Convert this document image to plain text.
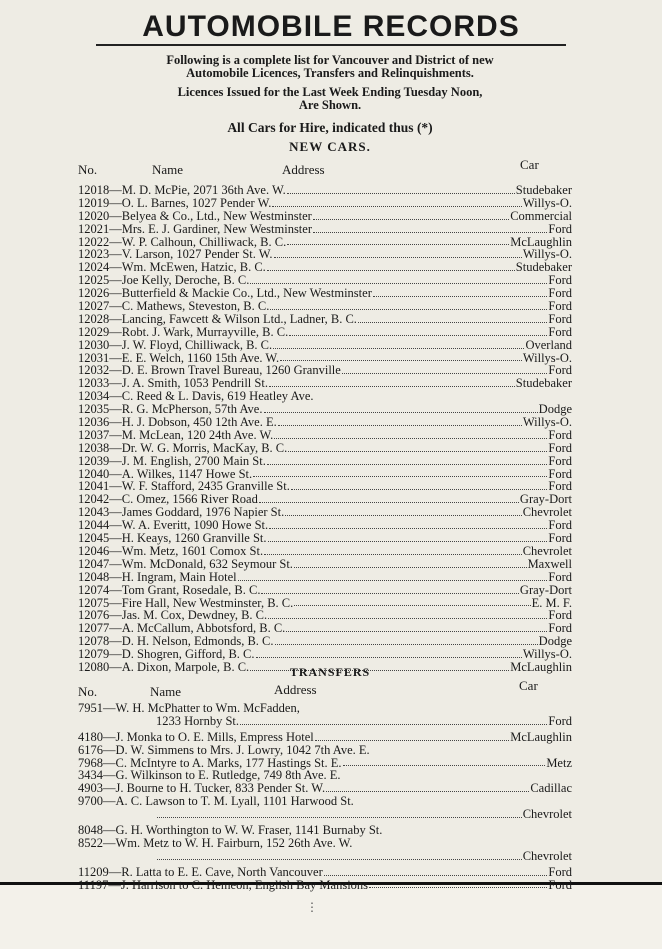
AUTOMOBILE RECORDS
Following is a complete list for Vancouver and District of new
Automobile Licences, Transfers and Relinquishments.
Licences Issued for the Last Week Ending Tuesday Noon,
Are Shown.
All Cars for Hire, indicated thus (*)
NEW CARS.
No.	Name	Address	Car
12018 — M. D. McPie, 2071 36th Ave. W.	Studebaker
12019 — O. L. Barnes, 1027 Pender W.	Willys-O.
12020 — Belyea & Co., Ltd., New Westminster	Commercial
12021 — Mrs. E. J. Gardiner, New Westminster	Ford
12022 — W. P. Calhoun, Chilliwack, B. C.	McLaughlin
12023 — V. Larson, 1027 Pender St. W.	Willys-O.
12024 — Wm. McEwen, Hatzic, B. C.	Studebaker
12025 — Joe Kelly, Deroche, B. C.	Ford
12026 — Butterfield & Mackie Co., Ltd., New Westminster	Ford
12027 — C. Mathews, Steveston, B. C.	Ford
12028 — Lancing, Fawcett & Wilson Ltd., Ladner, B. C.	Ford
12029 — Robt. J. Wark, Murrayville, B. C.	Ford
12030 — J. W. Floyd, Chilliwack, B. C.	Overland
12031 — E. E. Welch, 1160 15th Ave. W.	Willys-O.
12032 — D. E. Brown Travel Bureau, 1260 Granville	Ford
12033 — J. A. Smith, 1053 Pendrill St.	Studebaker
12034 — C. Reed & L. Davis, 619 Heatley Ave.
12035 — R. G. McPherson, 57th Ave.	Dodge
12036 — H. J. Dobson, 450 12th Ave. E.	Willys-O.
12037 — M. McLean, 120 24th Ave. W.	Ford
12038 — Dr. W. G. Morris, MacKay, B. C.	Ford
12039 — J. M. English, 2700 Main St.	Ford
12040 — A. Wilkes, 1147 Howe St.	Ford
12041 — W. F. Stafford, 2435 Granville St.	Ford
12042 — C. Omez, 1566 River Road	Gray-Dort
12043 — James Goddard, 1976 Napier St.	Chevrolet
12044 — W. A. Everitt, 1090 Howe St.	Ford
12045 — H. Keays, 1260 Granville St.	Ford
12046 — Wm. Metz, 1601 Comox St.	Chevrolet
12047 — Wm. McDonald, 632 Seymour St.	Maxwell
12048 — H. Ingram, Main Hotel	Ford
12074 — Tom Grant, Rosedale, B. C.	Gray-Dort
12075 — Fire Hall, New Westminster, B. C.	E. M. F.
12076 — Jas. M. Cox, Dewdney, B. C.	Ford
12077 — A. McCallum, Abbotsford, B. C.	Ford
12078 — D. H. Nelson, Edmonds, B. C.	Dodge
12079 — D. Shogren, Gifford, B. C.	Willys-O.
12080 — A. Dixon, Marpole, B. C.	McLaughlin
TRANSFERS
No.	Name	Address	Car
7951 — W. H. McPhatter to Wm. McFadden,
1233 Hornby St.	Ford
4180 — J. Monka to O. E. Mills, Empress Hotel	McLaughlin
6176 — D. W. Simmens to Mrs. J. Lowry, 1042 7th Ave. E.
7968 — C. McIntyre to A. Marks, 177 Hastings St. E.	Metz
3434 — G. Wilkinson to E. Rutledge, 749 8th Ave. E.
4903 — J. Bourne to H. Tucker, 833 Pender St. W.	Cadillac
9700 — A. C. Lawson to T. M. Lyall, 1101 Harwood St.
Chevrolet
8048 — G. H. Worthington to W. W. Fraser, 1141 Burnaby St.
8522 — Wm. Metz to W. H. Fairburn, 152 26th Ave. W.
Chevrolet
11209 — R. Latta to E. E. Cave, North Vancouver	Ford
11197 — J. Harrison to C. Hemeon, English Bay Mansions	Ford
⋮
